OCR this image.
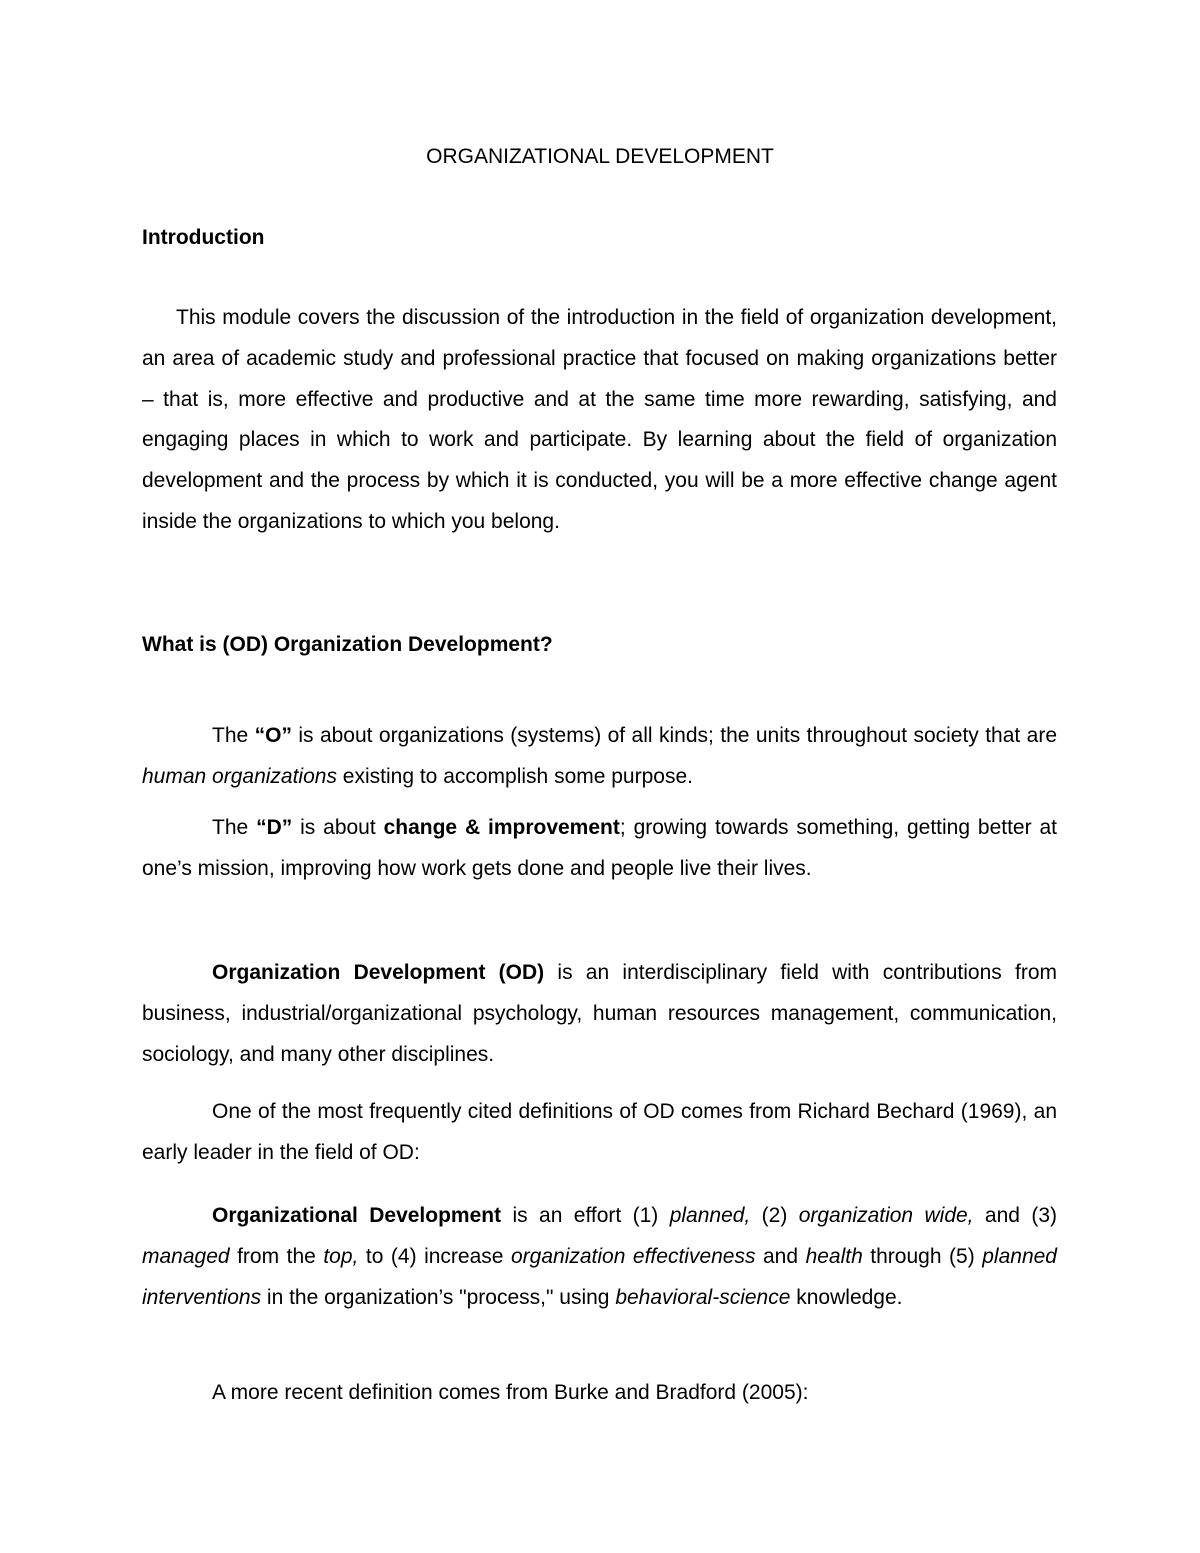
ORGANIZATIONAL DEVELOPMENT
Introduction

This module covers the discussion of the introduction in the field of organization development, an area of academic study and professional practice that focused on making organizations better – that is, more effective and productive and at the same time more rewarding, satisfying, and engaging places in which to work and participate. By learning about the field of organization development and the process by which it is conducted, you will be a more effective change agent inside the organizations to which you belong.

What is (OD) Organization Development?

The “O” is about organizations (systems) of all kinds; the units throughout society that are human organizations existing to accomplish some purpose.

The “D” is about change & improvement; growing towards something, getting better at one’s mission, improving how work gets done and people live their lives.

Organization Development (OD) is an interdisciplinary field with contributions from business, industrial/organizational psychology, human resources management, communication, sociology, and many other disciplines.

One of the most frequently cited definitions of OD comes from Richard Bechard (1969), an early leader in the field of OD:

Organizational Development is an effort (1) planned, (2) organization wide, and (3) managed from the top, to (4) increase organization effectiveness and health through (5) planned interventions in the organization’s "process," using behavioral-science knowledge.

A more recent definition comes from Burke and Bradford (2005):
